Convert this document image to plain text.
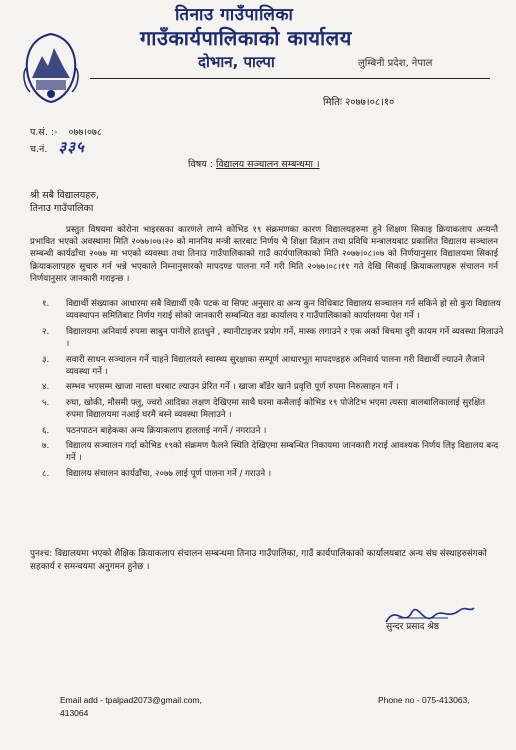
तिनाउ गाउँपालिका
गाउँकार्यपालिकाको कार्यालय
दोभान, पाल्पा	लुम्बिनी प्रदेश, नेपाल
मितिः २०७७।०८।१०
प.सं. :- ०७७।०७८
च.नं. ३३५
विषय : विद्यालय सञ्चालन सम्बन्धमा ।
श्री सबै विद्यालयहरु,
तिनाउ गाउँपालिका
प्रस्तुत विषयमा कोरोना भाइरसका कारणले लाग्ने कोभिड १९ संक्रमणका कारण विद्यालयहरुमा हुने शिक्षण सिकाइ क्रियाकलाप अन्यन्तै प्रभावित भएको अवस्थामा मिति २०७७।०७।२० को माननिय मन्त्री स्तरबाट निर्णय भै शिक्षा विज्ञान तथा प्रविधि मन्त्रालयबाट प्रकाशित विद्यालय सञ्चालन सम्बन्धी कार्यढाँचा २०७७ मा भएको व्यवस्था तथा तिनाउ गाउँपालिकाको गाउँ कार्यपालिकाको मिति २०७७।०८।०७ को निर्णयानुसार विद्यालयमा सिकाई क्रियाकलापहरु सुचारु गर्न भन्ने भएकाले निम्नानुसारको मापदण्ड पालना गर्ने गरी मिति २०७७।०८।११ गते देखि सिकाई क्रियाकलापहरु संचालन गर्न निर्णयानुसार जानकारी गराइन्छ ।
१. विद्यार्थी संख्याका आधारमा सबै विद्यार्थी एकै पटक वा सिफ्ट अनुसार वा अन्य कुन विधिबाट विद्यालय सञ्चालन गर्न सकिने हो सो कुरा विद्यालय व्यवस्थापन समितिबाट निर्णय गराई सोको जानकारी सम्बन्धित वडा कार्यालय र गाउँपालिकाको कार्यालयमा पेश गर्ने ।
२. विद्यालयमा अनिवार्य रुपमा साबुन पानीले हातधुने , स्यानीटाइजर प्रयोग गर्ने, मास्क लगाउने र एक अर्का बिचमा दुरी कायम गर्ने व्यवस्था मिलाउने ।
३. सवारी साधन सञ्चालन गर्ने चाहने विद्यालयले स्वास्थ्य सुरक्षाका सम्पूर्ण आधारभूत मापदण्डहरु अनिवार्य पालना गरी विद्यार्थी ल्याउने लैजाने व्यवस्था गर्ने ।
४. सम्भव भएसम्म खाजा नास्ता घरबाट ल्याउन प्रेरित गर्ने । खाजा बाँडेर खाने प्रवृत्ति पूर्ण रुपमा निरुत्साहन गर्ने ।
५. रुघा, खोकी, मौसमी फ्लु, ज्वरो आदिका लक्षण देखिएमा साथै घरमा कसैलाई कोभिड १९ पोजेटिभ भएमा त्यस्ता बालबालिकालाई सुरक्षित रुपमा विद्यालयमा नआई घरमै बस्ने व्यवस्था मिलाउने ।
६. पठनपाठन बाहेकका अन्य क्रियाकलाप हाललाई नगर्ने / नगराउने ।
७. विद्यालय सञ्चालन गर्दा कोभिड १९को संक्रमण फैलने स्थिति देखिएमा सम्बन्धित निकायमा जानकारी गराई आवश्यक निर्णय लिइ विद्यालय बन्द गर्ने ।
८. विद्यालय संचालन कार्यढाँचा, २०७७ लाई पूर्ण पालना गर्ने / गराउने ।
पुनश्च: विद्यालयमा भएको शैक्षिक क्रियाकलाप संचालन सम्बन्धमा तिनाउ गाउँपालिका, गाउँ कार्यपालिकाको कार्यालयबाट अन्य संघ संस्थाहरुसंगको सहकार्य र समन्वयमा अनुगमन हुनेछ ।
सुन्दर प्रसाद श्रेष्ठ
Email add - tpalpad2073@gmail.com,
413064
Phone no - 075-413063,
